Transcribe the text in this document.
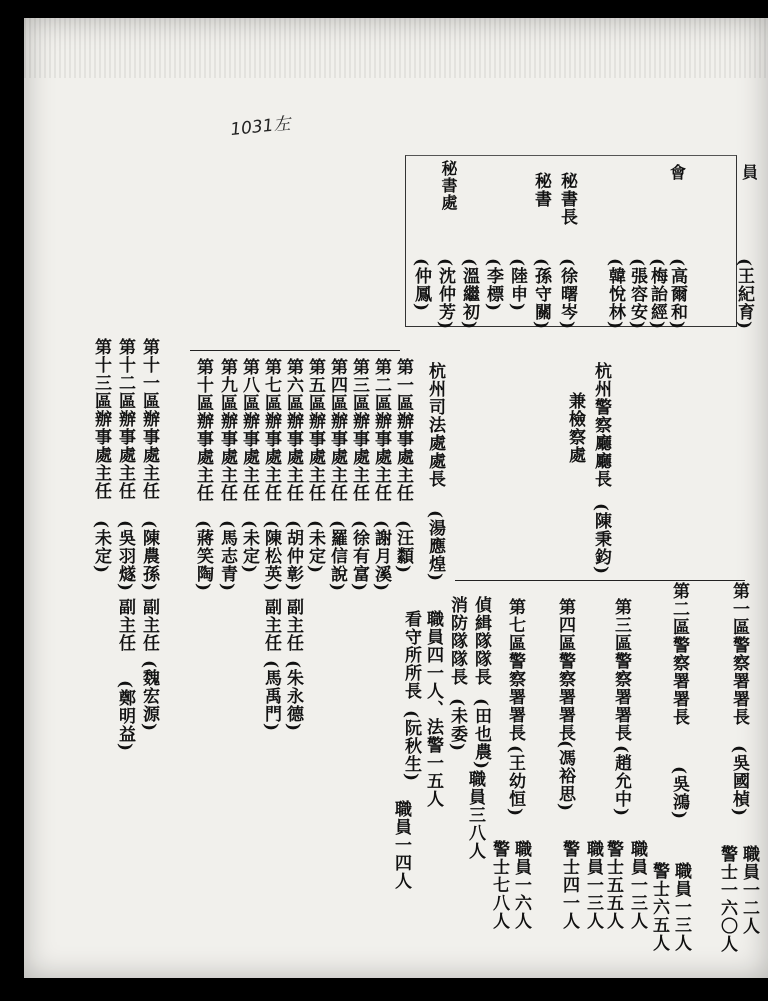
1031左
會	員
秘書處
(王紀育)
(高爾和)
(梅詒經)
(張容安)
(韓悅林)
秘書長
(徐曙岑)
秘書
(孫守關)
(陸申)
(李標)
(溫繼初)
(沈仲芳)
(仲鳳)
杭州警察廳廳長
(陳秉鈞)
兼檢察處
第一區警察署署長
(吳國楨)
職員一二人
警士一六〇人
第二區警察署署長
(吳鴻)
職員一三人
警士六五人
第三區警察署署長
(趙允中)
職員一三人
警士五五人
第四區警察署署長
(馮裕思)
職員一三人
警士四一人
第七區警察署署長
(王幼恒)
職員一六人
警士七八人
偵緝隊隊長
(田也農)
職員三八人
消防隊隊長
(未委)
職員四一人、法警一五人
看守所所長
(阮秋生)
職員一四人
杭州司法處處長
(湯應煌)
第一區辦事處主任
(汪纇)
第二區辦事處主任
(謝月溪)
第三區辦事處主任
(徐有富)
第四區辦事處主任
(羅信說)
第五區辦事處主任
(未定)
第六區辦事處主任
(胡仲彰)
第七區辦事處主任
(陳松英)
第八區辦事處主任
(未定)
第九區辦事處主任
(馬志青)
第十區辦事處主任
(蔣笑陶)
副主任
(朱永德)
副主任
(馬禹門)
第十一區辦事處主任
(陳農孫)
副主任
(魏宏源)
第十二區辦事處主任
(吳羽燧)
副主任
(鄭明益)
第十三區辦事處主任
(未定)
